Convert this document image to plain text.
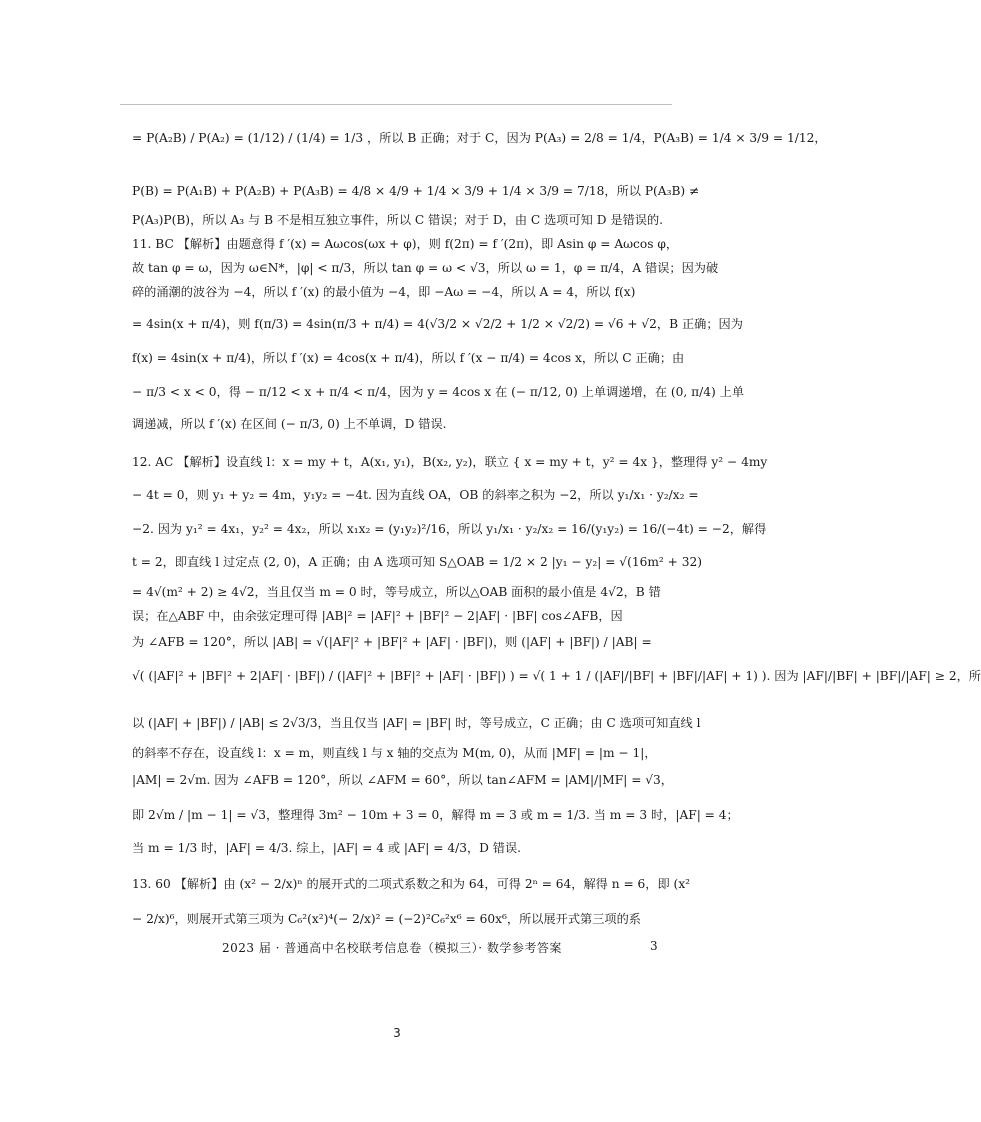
= P(A₂B) / P(A₂) = (1/12) / (1/4) = 1/3 ，所以 B 正确；对于 C，因为 P(A₃) = 2/8 = 1/4，P(A₃B) = 1/4 × 3/9 = 1/12，
P(B) = P(A₁B) + P(A₂B) + P(A₃B) = 4/8 × 4/9 + 1/4 × 3/9 + 1/4 × 3/9 = 7/18，所以 P(A₃B) ≠
P(A₃)P(B)，所以 A₃ 与 B 不是相互独立事件，所以 C 错误；对于 D，由 C 选项可知 D 是错误的.
11. BC 【解析】由题意得 f ′(x) = Aωcos(ωx + φ)，则 f(2π) = f ′(2π)，即 Asin φ = Aωcos φ，
故 tan φ = ω，因为 ω∈N*，|φ| < π/3，所以 tan φ = ω < √3，所以 ω = 1，φ = π/4，A 错误；因为破
碎的涌潮的波谷为 −4，所以 f ′(x) 的最小值为 −4，即 −Aω = −4，所以 A = 4，所以 f(x)
= 4sin(x + π/4)，则 f(π/3) = 4sin(π/3 + π/4) = 4(√3/2 × √2/2 + 1/2 × √2/2) = √6 + √2，B 正确；因为
f(x) = 4sin(x + π/4)，所以 f ′(x) = 4cos(x + π/4)，所以 f ′(x − π/4) = 4cos x，所以 C 正确；由
− π/3 < x < 0，得 − π/12 < x + π/4 < π/4，因为 y = 4cos x 在 (− π/12, 0) 上单调递增，在 (0, π/4) 上单
调递减，所以 f ′(x) 在区间 (− π/3, 0) 上不单调，D 错误.
12. AC 【解析】设直线 l：x = my + t，A(x₁, y₁)，B(x₂, y₂)，联立 { x = my + t，y² = 4x }，整理得 y² − 4my
− 4t = 0，则 y₁ + y₂ = 4m，y₁y₂ = −4t. 因为直线 OA，OB 的斜率之积为 −2，所以 y₁/x₁ · y₂/x₂ =
−2. 因为 y₁² = 4x₁，y₂² = 4x₂，所以 x₁x₂ = (y₁y₂)²/16，所以 y₁/x₁ · y₂/x₂ = 16/(y₁y₂) = 16/(−4t) = −2，解得
t = 2，即直线 l 过定点 (2, 0)，A 正确；由 A 选项可知 S△OAB = 1/2 × 2 |y₁ − y₂| = √(16m² + 32)
= 4√(m² + 2) ≥ 4√2，当且仅当 m = 0 时，等号成立，所以△OAB 面积的最小值是 4√2，B 错
误；在△ABF 中，由余弦定理可得 |AB|² = |AF|² + |BF|² − 2|AF| · |BF| cos∠AFB，因
为 ∠AFB = 120°，所以 |AB| = √(|AF|² + |BF|² + |AF| · |BF|)，则 (|AF| + |BF|) / |AB| =
√( (|AF|² + |BF|² + 2|AF| · |BF|) / (|AF|² + |BF|² + |AF| · |BF|) ) = √( 1 + 1 / (|AF|/|BF| + |BF|/|AF| + 1) ). 因为 |AF|/|BF| + |BF|/|AF| ≥ 2，所
以 (|AF| + |BF|) / |AB| ≤ 2√3/3，当且仅当 |AF| = |BF| 时，等号成立，C 正确；由 C 选项可知直线 l
的斜率不存在，设直线 l：x = m，则直线 l 与 x 轴的交点为 M(m, 0)，从而 |MF| = |m − 1|，
|AM| = 2√m. 因为 ∠AFB = 120°，所以 ∠AFM = 60°，所以 tan∠AFM = |AM|/|MF| = √3，
即 2√m / |m − 1| = √3，整理得 3m² − 10m + 3 = 0，解得 m = 3 或 m = 1/3. 当 m = 3 时，|AF| = 4；
当 m = 1/3 时，|AF| = 4/3. 综上，|AF| = 4 或 |AF| = 4/3，D 错误.
13. 60 【解析】由 (x² − 2/x)ⁿ 的展开式的二项式系数之和为 64，可得 2ⁿ = 64，解得 n = 6，即 (x²
− 2/x)⁶，则展开式第三项为 C₆²(x²)⁴(− 2/x)² = (−2)²C₆²x⁶ = 60x⁶，所以展开式第三项的系
2023 届 · 普通高中名校联考信息卷（模拟三）· 数学参考答案	3
3
